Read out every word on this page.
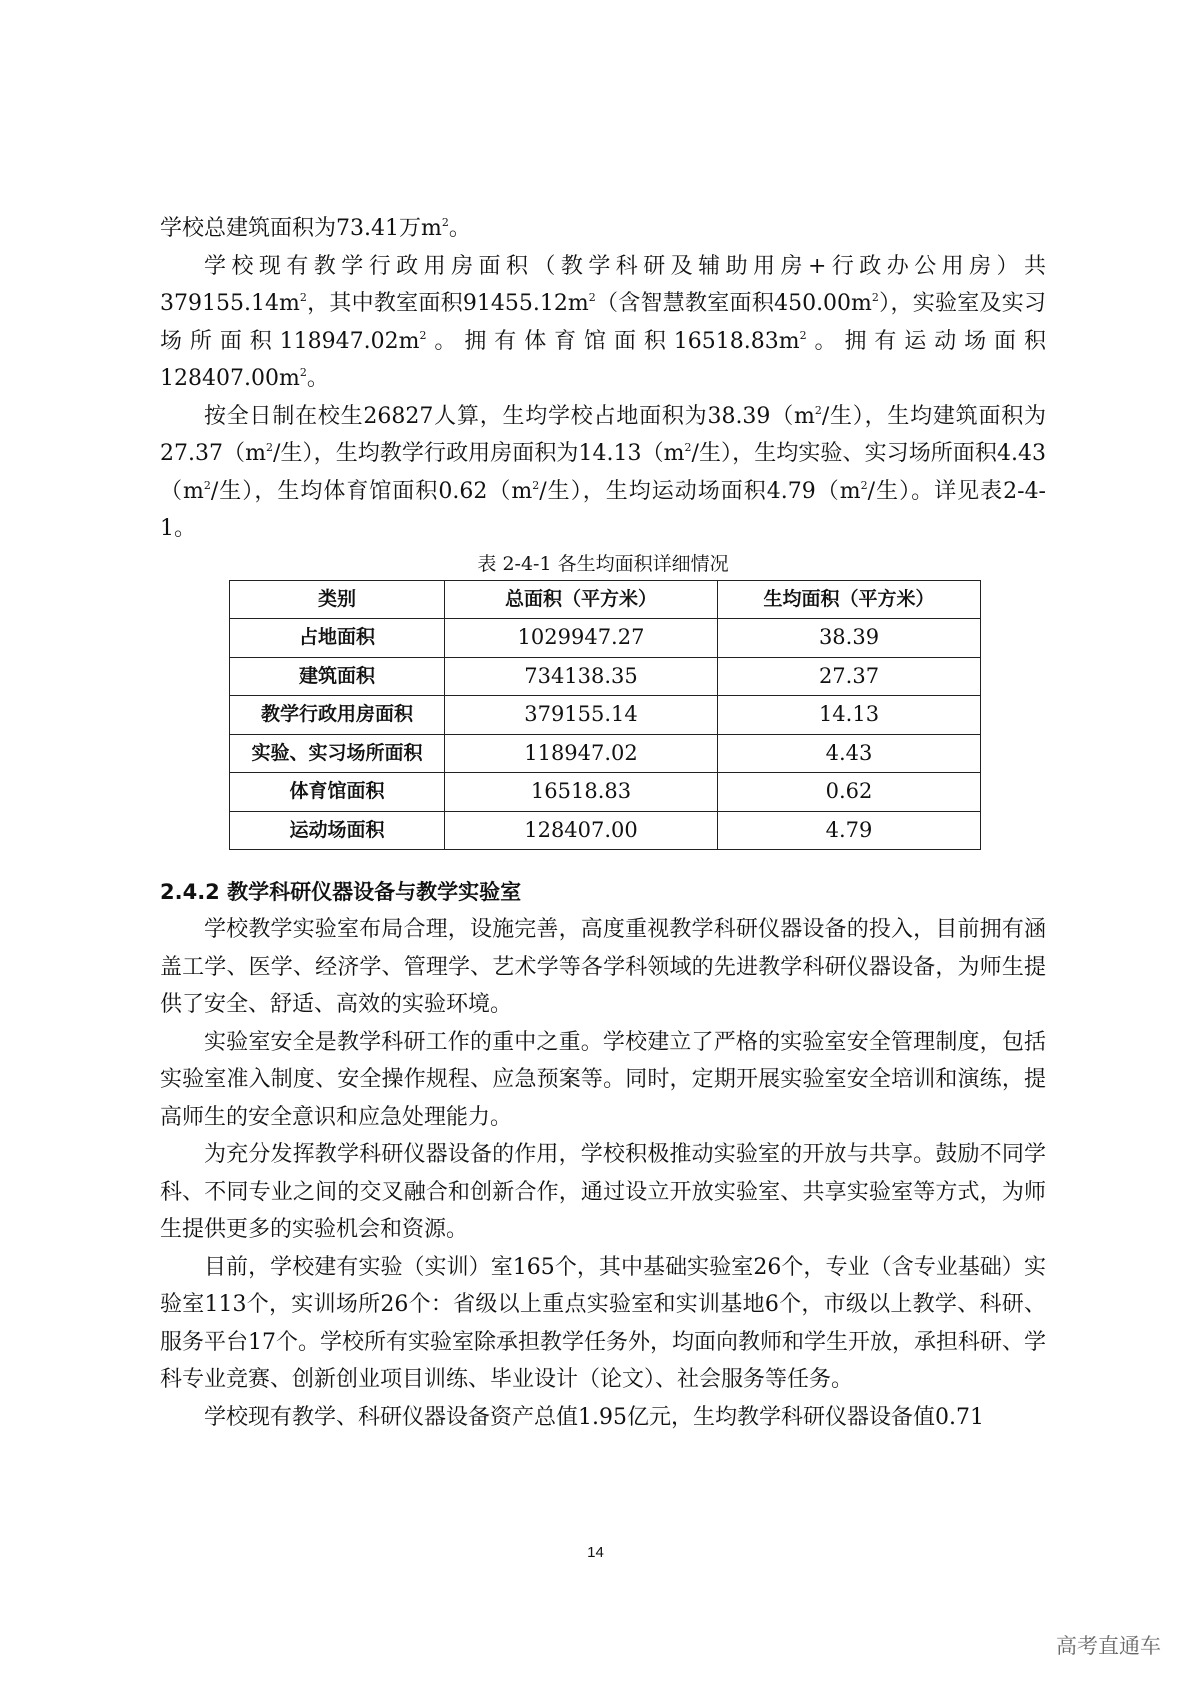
学校总建筑面积为73.41万$m^2$。

学校现有教学行政用房面积（教学科研及辅助用房+行政办公用房）共$379155.14m^2$，其中教室面积$91455.12m^2$（含智慧教室面积$450.00m^2$），实验室及实习场所面积$118947.02m^2$。拥有体育馆面积$16518.83m^2$。拥有运动场面积$128407.00m^2$。

按全日制在校生26827人算，生均学校占地面积为$38.39(m^2/$生），生均建筑面积为$27.37(m^2/$生），生均教学行政用房面积为$14.13(m^2/$生），生均实验、实习场所面积$4.43(m^2/$生），生均体育馆面积$0.62(m^2/$生），生均运动场面积$4.79(m^2/$生）。详见表2-4-1。

表 2-4-1 各生均面积详细情况
类别	总面积（平方米）	生均面积（平方米）
占地面积	1029947.27	38.39
建筑面积	734138.35	27.37
教学行政用房面积	379155.14	14.13
实验、实习场所面积	118947.02	4.43
体育馆面积	16518.83	0.62
运动场面积	128407.00	4.79
2.4.2 教学科研仪器设备与教学实验室

学校教学实验室布局合理，设施完善，高度重视教学科研仪器设备的投入，目前拥有涵盖工学、医学、经济学、管理学、艺术学等各学科领域的先进教学科研仪器设备，为师生提供了安全、舒适、高效的实验环境。

实验室安全是教学科研工作的重中之重。学校建立了严格的实验室安全管理制度，包括实验室准入制度、安全操作规程、应急预案等。同时，定期开展实验室安全培训和演练，提高师生的安全意识和应急处理能力。

为充分发挥教学科研仪器设备的作用，学校积极推动实验室的开放与共享。鼓励不同学科、不同专业之间的交叉融合和创新合作，通过设立开放实验室、共享实验室等方式，为师生提供更多的实验机会和资源。

目前，学校建有实验（实训）室165个，其中基础实验室26个，专业（含专业基础）实验室113个，实训场所26个：省级以上重点实验室和实训基地6个，市级以上教学、科研、服务平台17个。学校所有实验室除承担教学任务外，均面向教师和学生开放，承担科研、学科专业竞赛、创新创业项目训练、毕业设计（论文）、社会服务等任务。

学校现有教学、科研仪器设备资产总值1.95亿元，生均教学科研仪器设备值0.71

14
高考直通车
